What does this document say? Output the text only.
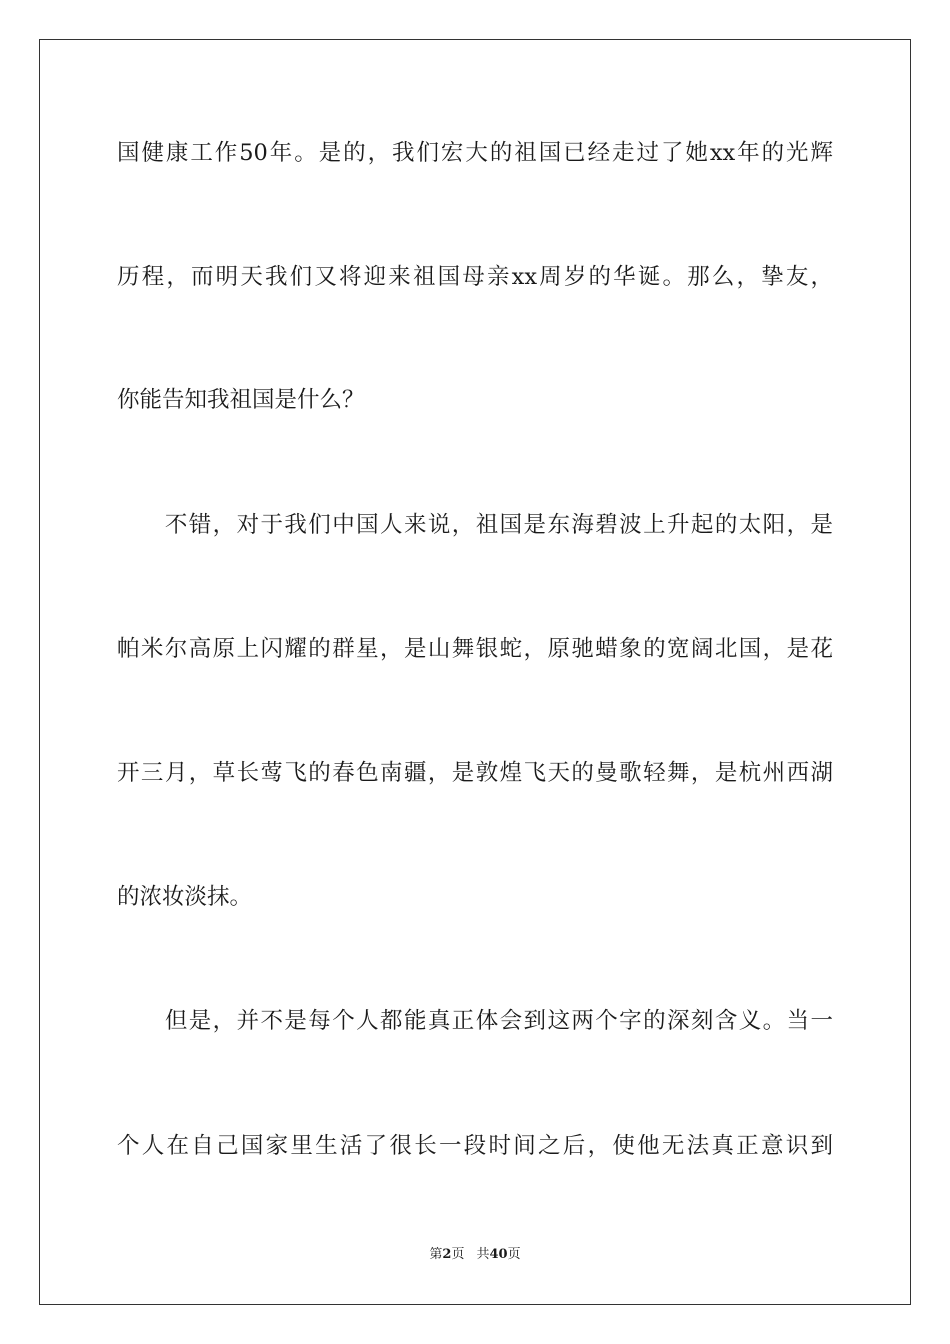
国健康工作50年。是的，我们宏大的祖国已经走过了她xx年的光辉
历程，而明天我们又将迎来祖国母亲xx周岁的华诞。那么，挚友，
你能告知我祖国是什么？
　　不错，对于我们中国人来说，祖国是东海碧波上升起的太阳，是
帕米尔高原上闪耀的群星，是山舞银蛇，原驰蜡象的宽阔北国，是花
开三月，草长莺飞的春色南疆，是敦煌飞天的曼歌轻舞，是杭州西湖
的浓妆淡抹。
　　但是，并不是每个人都能真正体会到这两个字的深刻含义。当一
个人在自己国家里生活了很长一段时间之后，使他无法真正意识到
第2页 共40页
